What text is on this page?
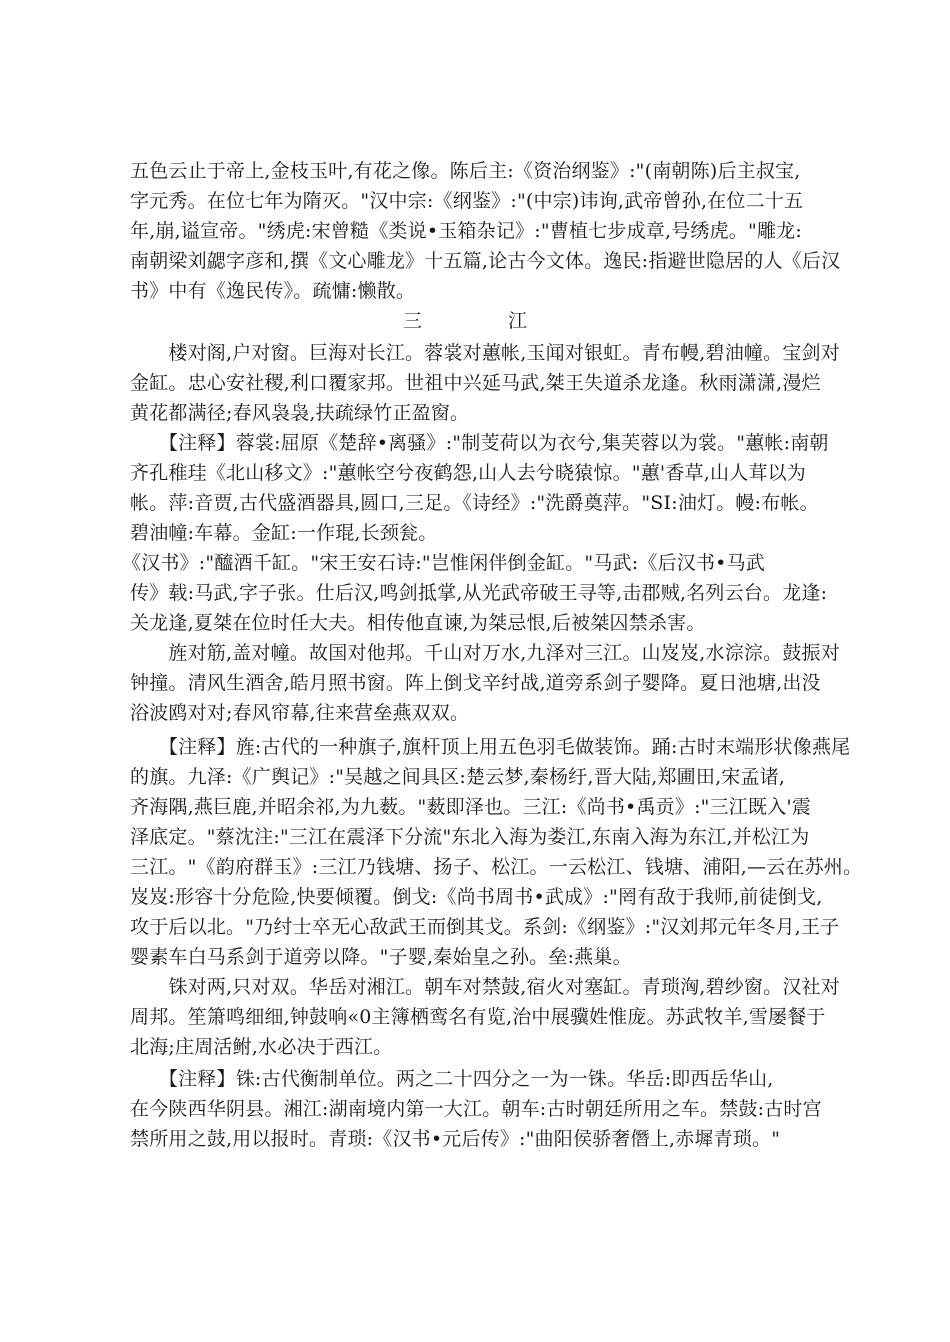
五色云止于帝上,金枝玉叶,有花之像。陈后主:《资治纲鉴》:"(南朝陈)后主叔宝,
字元秀。在位七年为隋灭。"汉中宗:《纲鉴》:"(中宗)讳询,武帝曾孙,在位二十五
年,崩,谥宣帝。"绣虎:宋曾糙《类说•玉箱杂记》:"曹植七步成章,号绣虎。"雕龙:
南朝梁刘勰字彦和,撰《文心雕龙》十五篇,论古今文体。逸民:指避世隐居的人《后汉
书》中有《逸民传》。疏慵:懒散。
三 江
　　楼对阁,户对窗。巨海对长江。蓉裳对蕙帐,玉闻对银虹。青布幔,碧油幢。宝剑对
金缸。忠心安社稷,利口覆家邦。世祖中兴延马武,桀王失道杀龙逢。秋雨潇潇,漫烂
黄花都满径;春风袅袅,扶疏绿竹正盈窗。
　　【注释】蓉裳:屈原《楚辞•离骚》:"制芰荷以为衣兮,集芙蓉以为裳。"蕙帐:南朝
齐孔稚珪《北山移文》:"蕙帐空兮夜鹤怨,山人去兮晓猿惊。"蕙'香草,山人茸以为
帐。萍:音贾,古代盛酒器具,圆口,三足。《诗经》:"洗爵奠萍。"SI:油灯。幔:布帐。
碧油幢:车幕。金缸:一作琨,长颈瓮。
《汉书》:"醯酒千缸。"宋王安石诗:"岂惟闲伴倒金缸。"马武:《后汉书•马武
传》载:马武,字子张。仕后汉,鸣剑抵掌,从光武帝破王寻等,击郡贼,名列云台。龙逢:
关龙逢,夏桀在位时任大夫。相传他直谏,为桀忌恨,后被桀囚禁杀害。
　　旌对筋,盖对幢。故国对他邦。千山对万水,九泽对三江。山岌岌,水淙淙。鼓振对
钟撞。清风生酒舍,皓月照书窗。阵上倒戈辛纣战,道旁系剑子婴降。夏日池塘,出没
浴波鸥对对;春风帘幕,往来营垒燕双双。
　　【注释】旌:古代的一种旗子,旗杆顶上用五色羽毛做装饰。踊:古时末端形状像燕尾
的旗。九泽:《广舆记》:"吴越之间具区:楚云梦,秦杨纡,晋大陆,郑圃田,宋孟诸,
齐海隅,燕巨鹿,并昭余祁,为九薮。"薮即泽也。三江:《尚书•禹贡》:"三江既入'震
泽底定。"蔡沈注:"三江在震泽下分流"东北入海为娄江,东南入海为东江,并松江为
三江。"《韵府群玉》:三江乃钱塘、扬子、松江。一云松江、钱塘、浦阳,—云在苏州。
岌岌:形容十分危险,快要倾覆。倒戈:《尚书周书•武成》:"罔有敌于我师,前徒倒戈,
攻于后以北。"乃纣士卒无心敌武王而倒其戈。系剑:《纲鉴》:"汉刘邦元年冬月,王子
婴素车白马系剑于道旁以降。"子婴,秦始皇之孙。垒:燕巢。
　　铢对两,只对双。华岳对湘江。朝车对禁鼓,宿火对塞缸。青琐洶,碧纱窗。汉社对
周邦。笙箫鸣细细,钟鼓响«0主簿栖鸾名有览,治中展骥姓惟庞。苏武牧羊,雪屡餐于
北海;庄周活鲋,水必决于西江。
　　【注释】铢:古代衡制单位。两之二十四分之一为一铢。华岳:即西岳华山,
在今陕西华阴县。湘江:湖南境内第一大江。朝车:古时朝廷所用之车。禁鼓:古时宫
禁所用之鼓,用以报时。青琐:《汉书•元后传》:"曲阳侯骄奢僭上,赤墀青琐。"
